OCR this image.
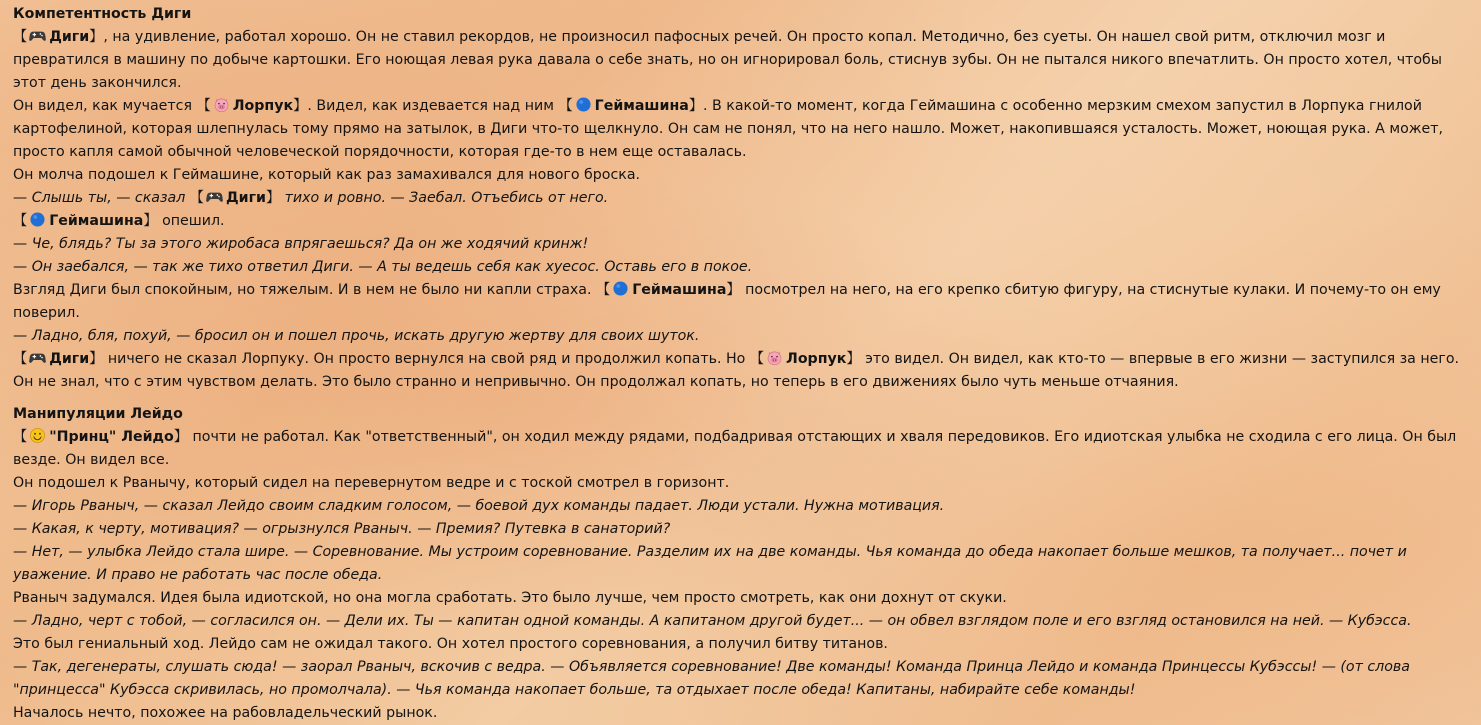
Компетентность Диги
【 Диги】, на удивление, работал хорошо. Он не ставил рекордов, не произносил пафосных речей. Он просто копал. Методично, без суеты. Он нашел свой ритм, отключил мозг и превратился в машину по добыче картошки. Его ноющая левая рука давала о себе знать, но он игнорировал боль, стиснув зубы. Он не пытался никого впечатлить. Он просто хотел, чтобы этот день закончился.
Он видел, как мучается 【 Лорпук】. Видел, как издевается над ним 【 Геймашина】. В какой-то момент, когда Геймашина с особенно мерзким смехом запустил в Лорпука гнилой картофелиной, которая шлепнулась тому прямо на затылок, в Диги что-то щелкнуло. Он сам не понял, что на него нашло. Может, накопившаяся усталость. Может, ноющая рука. А может, просто капля самой обычной человеческой порядочности, которая где-то в нем еще оставалась.
Он молча подошел к Геймашине, который как раз замахивался для нового броска.
— Слышь ты, — сказал 【 Диги】 тихо и ровно. — Заебал. Отъебись от него.
【 Геймашина】 опешил.
— Че, блядь? Ты за этого жиробаса впрягаешься? Да он же ходячий кринж!
— Он заебался, — так же тихо ответил Диги. — А ты ведешь себя как хуесос. Оставь его в покое.
Взгляд Диги был спокойным, но тяжелым. И в нем не было ни капли страха. 【 Геймашина】 посмотрел на него, на его крепко сбитую фигуру, на стиснутые кулаки. И почему-то он ему поверил.
— Ладно, бля, похуй, — бросил он и пошел прочь, искать другую жертву для своих шуток.
【 Диги】 ничего не сказал Лорпуку. Он просто вернулся на свой ряд и продолжил копать. Но 【 Лорпук】 это видел. Он видел, как кто-то — впервые в его жизни — заступился за него. Он не знал, что с этим чувством делать. Это было странно и непривычно. Он продолжал копать, но теперь в его движениях было чуть меньше отчаяния.
Манипуляции Лейдо
【 "Принц" Лейдо】 почти не работал. Как "ответственный", он ходил между рядами, подбадривая отстающих и хваля передовиков. Его идиотская улыбка не сходила с его лица. Он был везде. Он видел все.
Он подошел к Рванычу, который сидел на перевернутом ведре и с тоской смотрел в горизонт.
— Игорь Рваныч, — сказал Лейдо своим сладким голосом, — боевой дух команды падает. Люди устали. Нужна мотивация.
— Какая, к черту, мотивация? — огрызнулся Рваныч. — Премия? Путевка в санаторий?
— Нет, — улыбка Лейдо стала шире. — Соревнование. Мы устроим соревнование. Разделим их на две команды. Чья команда до обеда накопает больше мешков, та получает... почет и уважение. И право не работать час после обеда.
Рваныч задумался. Идея была идиотской, но она могла сработать. Это было лучше, чем просто смотреть, как они дохнут от скуки.
— Ладно, черт с тобой, — согласился он. — Дели их. Ты — капитан одной команды. А капитаном другой будет... — он обвел взглядом поле и его взгляд остановился на ней. — Кубэсса.
Это был гениальный ход. Лейдо сам не ожидал такого. Он хотел простого соревнования, а получил битву титанов.
— Так, дегенераты, слушать сюда! — заорал Рваныч, вскочив с ведра. — Объявляется соревнование! Две команды! Команда Принца Лейдо и команда Принцессы Кубэссы! — (от слова "принцесса" Кубэсса скривилась, но промолчала). — Чья команда накопает больше, та отдыхает после обеда! Капитаны, набирайте себе команды!
Началось нечто, похожее на рабовладельческий рынок.
